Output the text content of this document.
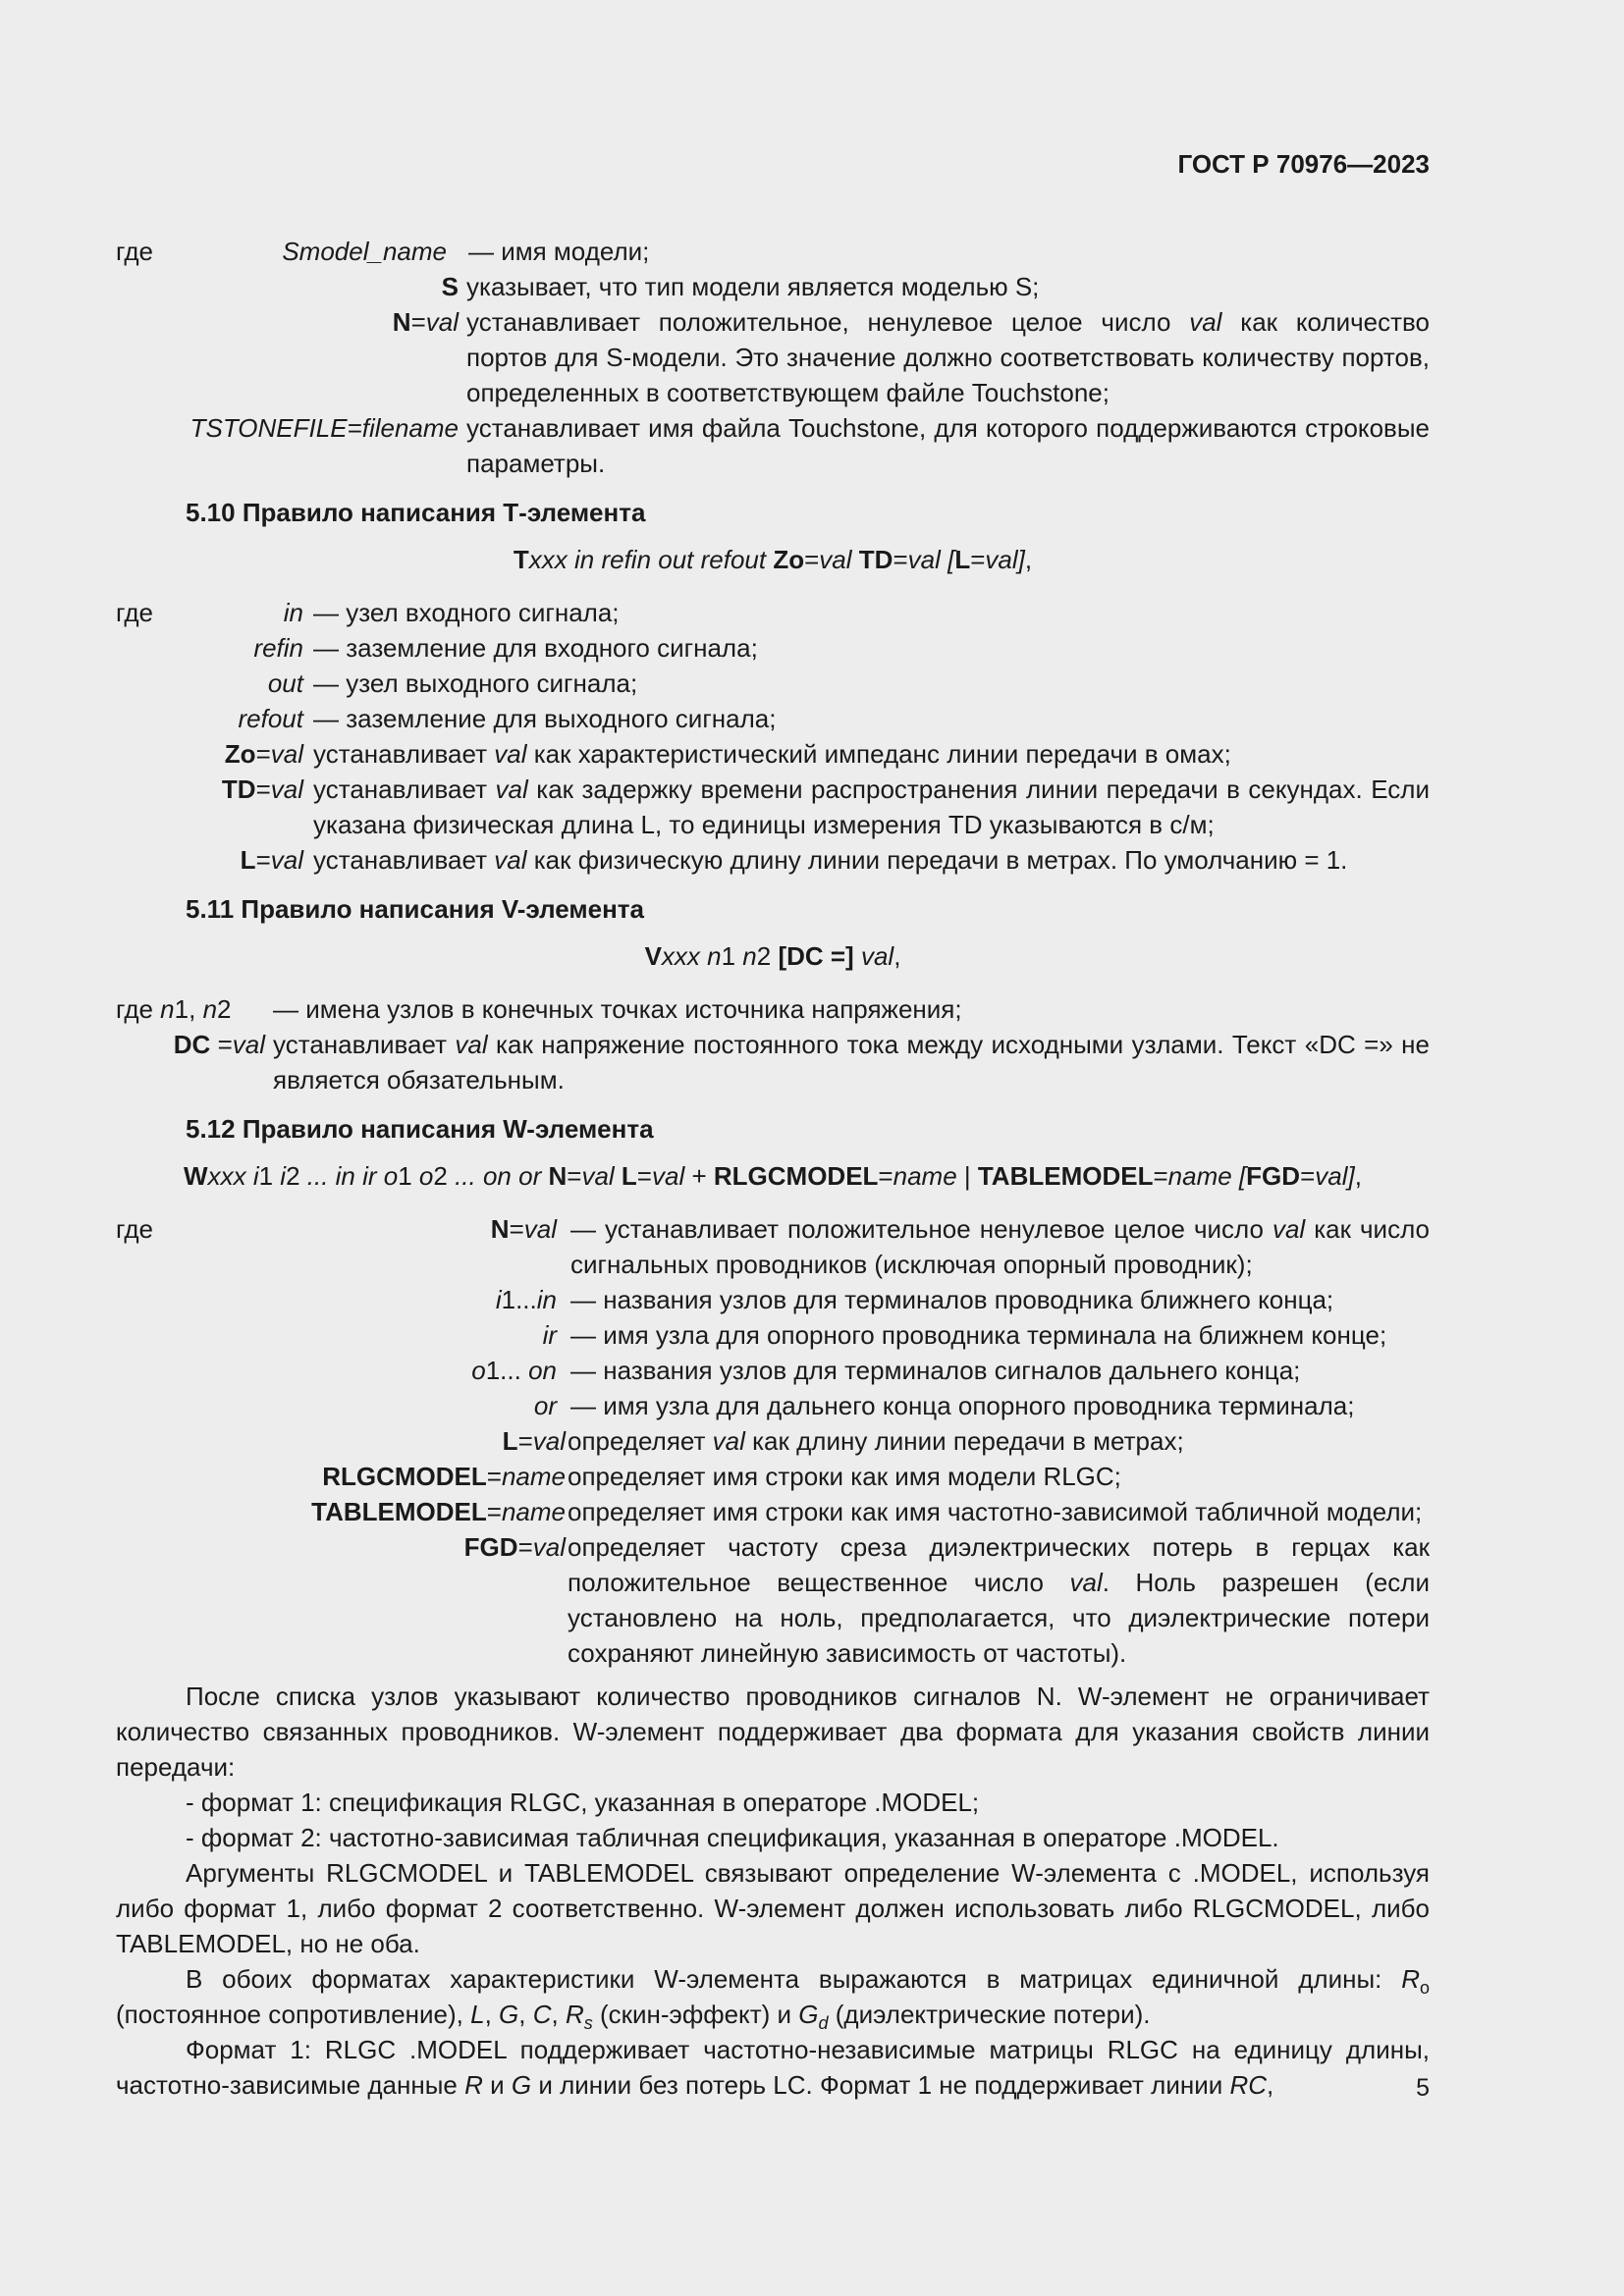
ГОСТ Р 70976—2023
где	Smodel_name — имя модели;
S указывает, что тип модели является моделью S;
N=val устанавливает положительное, ненулевое целое число val как количество портов для S-модели. Это значение должно соответствовать количеству портов, определенных в соответствующем файле Touchstone;
TSTONEFILE=filename устанавливает имя файла Touchstone, для которого поддерживаются строковые параметры.
5.10 Правило написания Т-элемента
Txxx in refin out refout Zo=val TD=val [L=val],
где	in — узел входного сигнала;
refin — заземление для входного сигнала;
out — узел выходного сигнала;
refout — заземление для выходного сигнала;
Zo=val устанавливает val как характеристический импеданс линии передачи в омах;
TD=val устанавливает val как задержку времени распространения линии передачи в секундах. Если указана физическая длина L, то единицы измерения TD указываются в с/м;
L=val устанавливает val как физическую длину линии передачи в метрах. По умолчанию = 1.
5.11 Правило написания V-элемента
Vxxx n1 n2 [DC =] val,
где n1, n2	— имена узлов в конечных точках источника напряжения;
DC =val устанавливает val как напряжение постоянного тока между исходными узлами. Текст «DC =» не является обязательным.
5.12 Правило написания W-элемента
Wxxx i1 i2 ... in ir o1 o2 ... on or N=val L=val + RLGCMODEL=name | TABLEMODEL=name [FGD=val],
где	N=val — устанавливает положительное ненулевое целое число val как число сигнальных проводников (исключая опорный проводник);
i1...in — названия узлов для терминалов проводника ближнего конца;
ir — имя узла для опорного проводника терминала на ближнем конце;
o1... on — названия узлов для терминалов сигналов дальнего конца;
or — имя узла для дальнего конца опорного проводника терминала;
L=val определяет val как длину линии передачи в метрах;
RLGCMODEL=name определяет имя строки как имя модели RLGC;
TABLEMODEL=name определяет имя строки как имя частотно-зависимой табличной модели;
FGD=val определяет частоту среза диэлектрических потерь в герцах как положительное вещественное число val. Ноль разрешен (если установлено на ноль, предполагается, что диэлектрические потери сохраняют линейную зависимость от частоты).
После списка узлов указывают количество проводников сигналов N. W-элемент не ограничивает количество связанных проводников. W-элемент поддерживает два формата для указания свойств линии передачи:
- формат 1: спецификация RLGC, указанная в операторе .MODEL;
- формат 2: частотно-зависимая табличная спецификация, указанная в операторе .MODEL.
Аргументы RLGCMODEL и TABLEMODEL связывают определение W-элемента с .MODEL, используя либо формат 1, либо формат 2 соответственно. W-элемент должен использовать либо RLGCMODEL, либо TABLEMODEL, но не оба.
В обоих форматах характеристики W-элемента выражаются в матрицах единичной длины: $R_o$ (постоянное сопротивление), L, G, C, $R_s$ (скин-эффект) и $G_d$ (диэлектрические потери).
Формат 1: RLGC .MODEL поддерживает частотно-независимые матрицы RLGC на единицу длины, частотно-зависимые данные R и G и линии без потерь LC. Формат 1 не поддерживает линии RC,	5
